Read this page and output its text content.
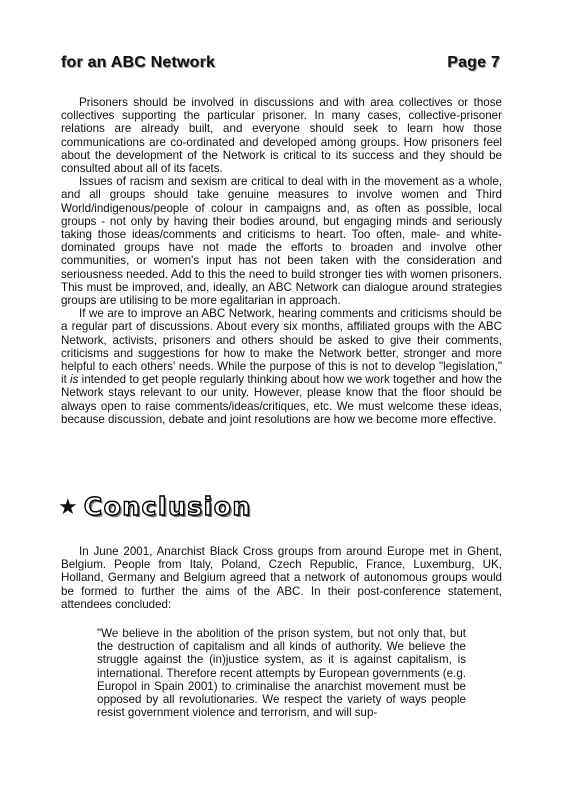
for an ABC Network	Page 7

Prisoners should be involved in discussions and with area collectives or those collectives supporting the particular prisoner. In many cases, collective-prisoner relations are already built, and everyone should seek to learn how those communications are co-ordinated and developed among groups. How prisoners feel about the development of the Network is critical to its success and they should be consulted about all of its facets.

Issues of racism and sexism are critical to deal with in the movement as a whole, and all groups should take genuine measures to involve women and Third World/indigenous/people of colour in campaigns and, as often as possible, local groups - not only by having their bodies around, but engaging minds and seriously taking those ideas/comments and criticisms to heart. Too often, male- and white-dominated groups have not made the efforts to broaden and involve other communities, or women's input has not been taken with the consideration and seriousness needed. Add to this the need to build stronger ties with women prisoners. This must be improved, and, ideally, an ABC Network can dialogue around strategies groups are utilising to be more egalitarian in approach.

If we are to improve an ABC Network, hearing comments and criticisms should be a regular part of discussions. About every six months, affiliated groups with the ABC Network, activists, prisoners and others should be asked to give their comments, criticisms and suggestions for how to make the Network better, stronger and more helpful to each others' needs. While the purpose of this is not to develop "legislation," it is intended to get people regularly thinking about how we work together and how the Network stays relevant to our unity. However, please know that the floor should be always open to raise comments/ideas/critiques, etc. We must welcome these ideas, because discussion, debate and joint resolutions are how we become more effective.

★ Conclusion

In June 2001, Anarchist Black Cross groups from around Europe met in Ghent, Belgium. People from Italy, Poland, Czech Republic, France, Luxemburg, UK, Holland, Germany and Belgium agreed that a network of autonomous groups would be formed to further the aims of the ABC. In their post-conference statement, attendees concluded:

"We believe in the abolition of the prison system, but not only that, but the destruction of capitalism and all kinds of authority. We believe the struggle against the (in)justice system, as it is against capitalism, is international. Therefore recent attempts by European governments (e.g. Europol in Spain 2001) to criminalise the anarchist movement must be opposed by all revolutionaries. We respect the variety of ways people resist government violence and terrorism, and will sup-
